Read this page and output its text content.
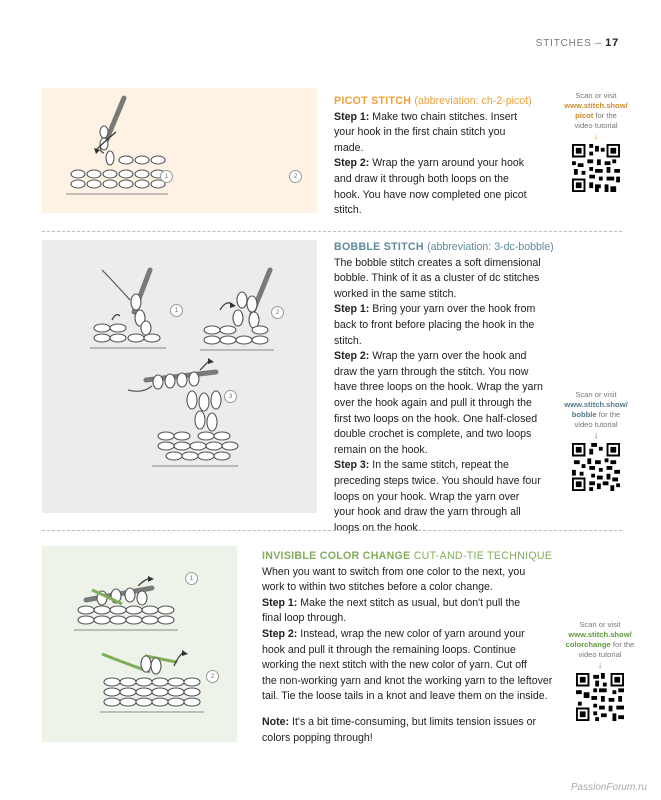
STITCHES – 17
1	2

PICOT STITCH (abbreviation: ch-2-picot)

Step 1: Make two chain stitches. Insert
your hook in the first chain stitch you
made.

Step 2: Wrap the yarn around your hook
and draw it through both loops on the
hook. You have now completed one picot
stitch.

Scan or visit
www.stitch.show/
picot for the
video tutorial
↓
1	2
3

BOBBLE STITCH (abbreviation: 3-dc-bobble)

The bobble stitch creates a soft dimensional
bobble. Think of it as a cluster of dc stitches
worked in the same stitch.

Step 1: Bring your yarn over the hook from
back to front before placing the hook in the
stitch.

Step 2: Wrap the yarn over the hook and
draw the yarn through the stitch. You now
have three loops on the hook. Wrap the yarn
over the hook again and pull it through the
first two loops on the hook. One half-closed
double crochet is complete, and two loops
remain on the hook.

Step 3: In the same stitch, repeat the
preceding steps twice. You should have four
loops on your hook. Wrap the yarn over
your hook and draw the yarn through all
loops on the hook.

Scan or visit
www.stitch.show/
bobble for the
video tutorial
↓
1
2

INVISIBLE COLOR CHANGE CUT-AND-TIE TECHNIQUE

When you want to switch from one color to the next, you
work to within two stitches before a color change.

Step 1: Make the next stitch as usual, but don't pull the
final loop through.

Step 2: Instead, wrap the new color of yarn around your
hook and pull it through the remaining loops. Continue
working the next stitch with the new color of yarn. Cut off
the non-working yarn and knot the working yarn to the leftover
tail. Tie the loose tails in a knot and leave them on the inside.

Note: It's a bit time-consuming, but limits tension issues or
colors popping through!

Scan or visit
www.stitch.show/
colorchange for the
video tutorial
↓
PassionForum.ru
